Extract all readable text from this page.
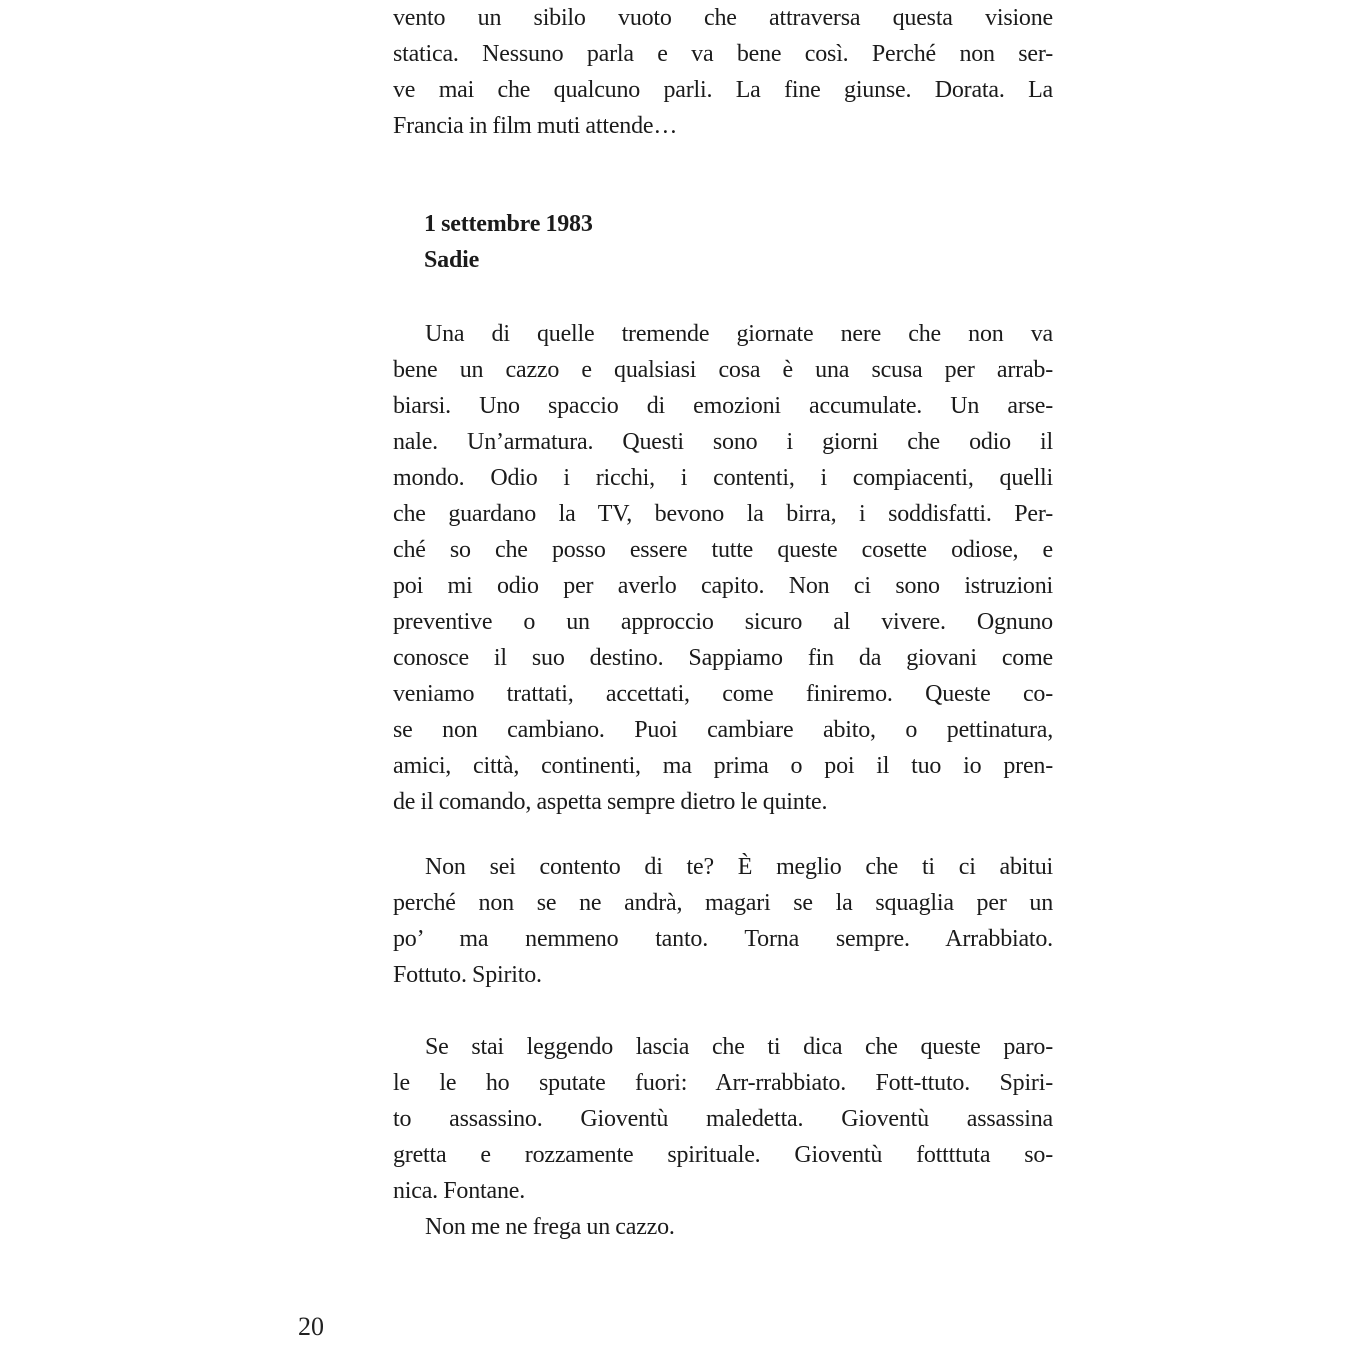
vento un sibilo vuoto che attraversa questa visione
statica. Nessuno parla e va bene così. Perché non ser-
ve mai che qualcuno parli. La fine giunse. Dorata. La
Francia in film muti attende…
1 settembre 1983
Sadie
Una di quelle tremende giornate nere che non va
bene un cazzo e qualsiasi cosa è una scusa per arrab-
biarsi. Uno spaccio di emozioni accumulate. Un arse-
nale. Un’armatura. Questi sono i giorni che odio il
mondo. Odio i ricchi, i contenti, i compiacenti, quelli
che guardano la TV, bevono la birra, i soddisfatti. Per-
ché so che posso essere tutte queste cosette odiose, e
poi mi odio per averlo capito. Non ci sono istruzioni
preventive o un approccio sicuro al vivere. Ognuno
conosce il suo destino. Sappiamo fin da giovani come
veniamo trattati, accettati, come finiremo. Queste co-
se non cambiano. Puoi cambiare abito, o pettinatura,
amici, città, continenti, ma prima o poi il tuo io pren-
de il comando, aspetta sempre dietro le quinte.
Non sei contento di te? È meglio che ti ci abitui
perché non se ne andrà, magari se la squaglia per un
po’ ma nemmeno tanto. Torna sempre. Arrabbiato.
Fottuto. Spirito.
Se stai leggendo lascia che ti dica che queste paro-
le le ho sputate fuori: Arr-rrabbiato. Fott-ttuto. Spiri-
to assassino. Gioventù maledetta. Gioventù assassina
gretta e rozzamente spirituale. Gioventù fottttuta so-
nica. Fontane.
Non me ne frega un cazzo.
20
